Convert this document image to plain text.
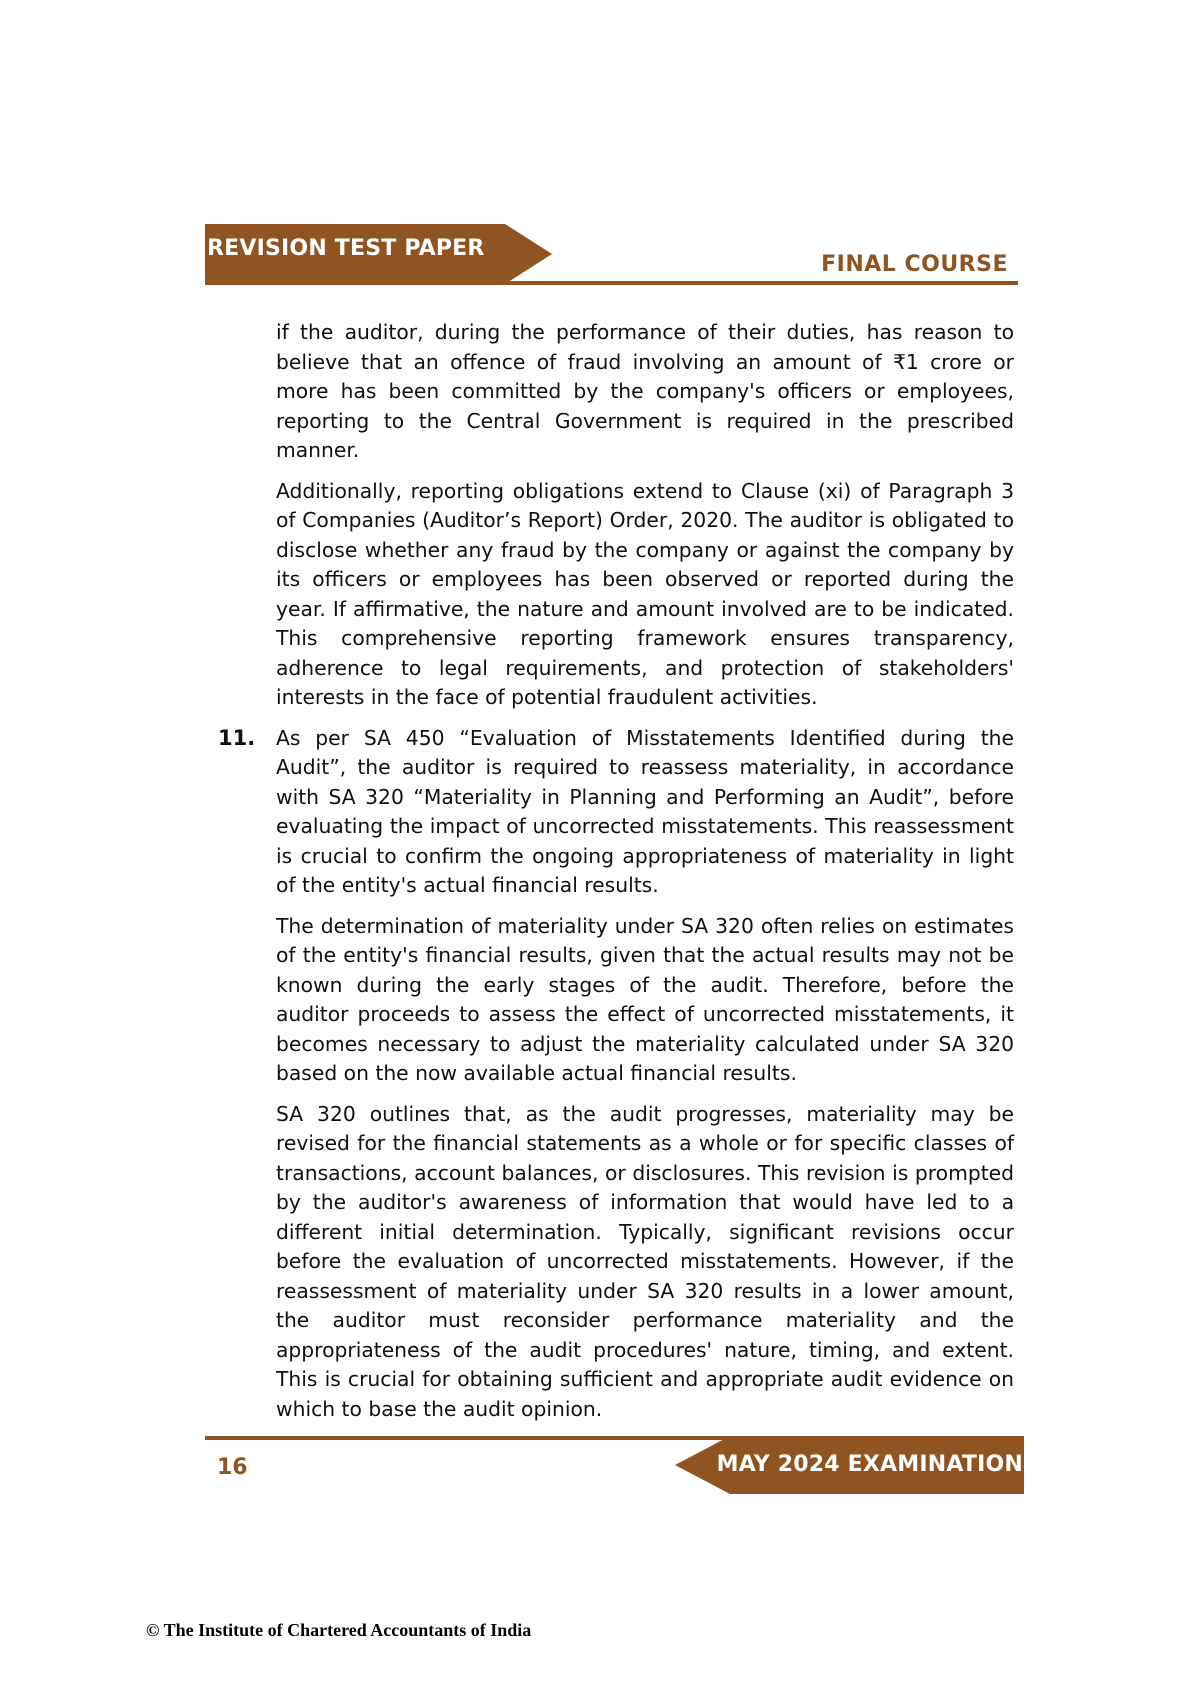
REVISION TEST PAPER
FINAL COURSE

if the auditor, during the performance of their duties, has reason to believe that an offence of fraud involving an amount of ₹1 crore or more has been committed by the company's officers or employees, reporting to the Central Government is required in the prescribed manner.

Additionally, reporting obligations extend to Clause (xi) of Paragraph 3 of Companies (Auditor’s Report) Order, 2020. The auditor is obligated to disclose whether any fraud by the company or against the company by its officers or employees has been observed or reported during the year. If affirmative, the nature and amount involved are to be indicated. This comprehensive reporting framework ensures transparency, adherence to legal requirements, and protection of stakeholders' interests in the face of potential fraudulent activities.

11. As per SA 450 “Evaluation of Misstatements Identified during the Audit”, the auditor is required to reassess materiality, in accordance with SA 320 “Materiality in Planning and Performing an Audit”, before evaluating the impact of uncorrected misstatements. This reassessment is crucial to confirm the ongoing appropriateness of materiality in light of the entity's actual financial results.

The determination of materiality under SA 320 often relies on estimates of the entity's financial results, given that the actual results may not be known during the early stages of the audit. Therefore, before the auditor proceeds to assess the effect of uncorrected misstatements, it becomes necessary to adjust the materiality calculated under SA 320 based on the now available actual financial results.

SA 320 outlines that, as the audit progresses, materiality may be revised for the financial statements as a whole or for specific classes of transactions, account balances, or disclosures. This revision is prompted by the auditor's awareness of information that would have led to a different initial determination. Typically, significant revisions occur before the evaluation of uncorrected misstatements. However, if the reassessment of materiality under SA 320 results in a lower amount, the auditor must reconsider performance materiality and the appropriateness of the audit procedures' nature, timing, and extent. This is crucial for obtaining sufficient and appropriate audit evidence on which to base the audit opinion.

MAY 2024 EXAMINATION
16
© The Institute of Chartered Accountants of India
